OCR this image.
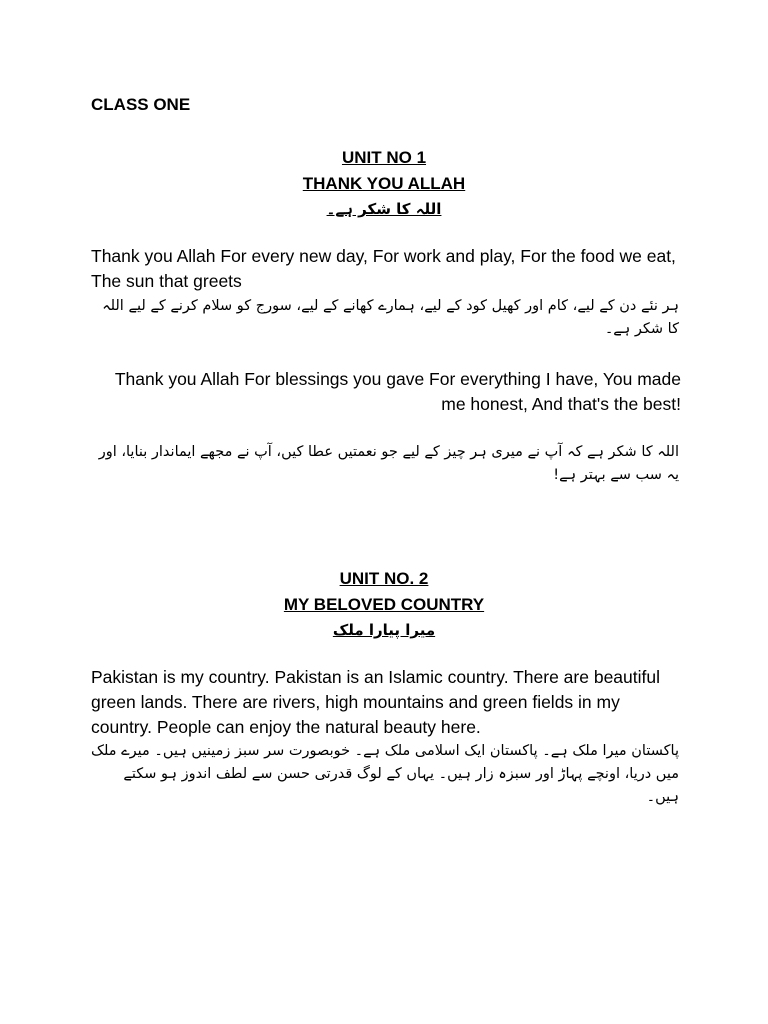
CLASS ONE

UNIT NO 1
THANK YOU ALLAH
اللہ کا شکر ہے۔

Thank you Allah For every new day, For work and play, For the food we eat, The sun that greets

ہر نئے دن کے لیے، کام اور کھیل کود کے لیے، ہمارے کھانے کے لیے، سورج کو سلام کرنے کے لیے اللہ کا شکر ہے۔

Thank you Allah For blessings you gave For everything I have, You made me honest, And that's the best!

اللہ کا شکر ہے کہ آپ نے میری ہر چیز کے لیے جو نعمتیں عطا کیں، آپ نے مجھے ایماندار بنایا، اور یہ سب سے بہتر ہے!

UNIT NO. 2
MY BELOVED COUNTRY
میرا پیارا ملک

Pakistan is my country. Pakistan is an Islamic country. There are beautiful green lands. There are rivers, high mountains and green fields in my country. People can enjoy the natural beauty here.

پاکستان میرا ملک ہے۔ پاکستان ایک اسلامی ملک ہے۔ خوبصورت سر سبز زمینیں ہیں۔ میرے ملک میں دریا، اونچے پہاڑ اور سبزہ زار ہیں۔ یہاں کے لوگ قدرتی حسن سے لطف اندوز ہو سکتے ہیں۔
